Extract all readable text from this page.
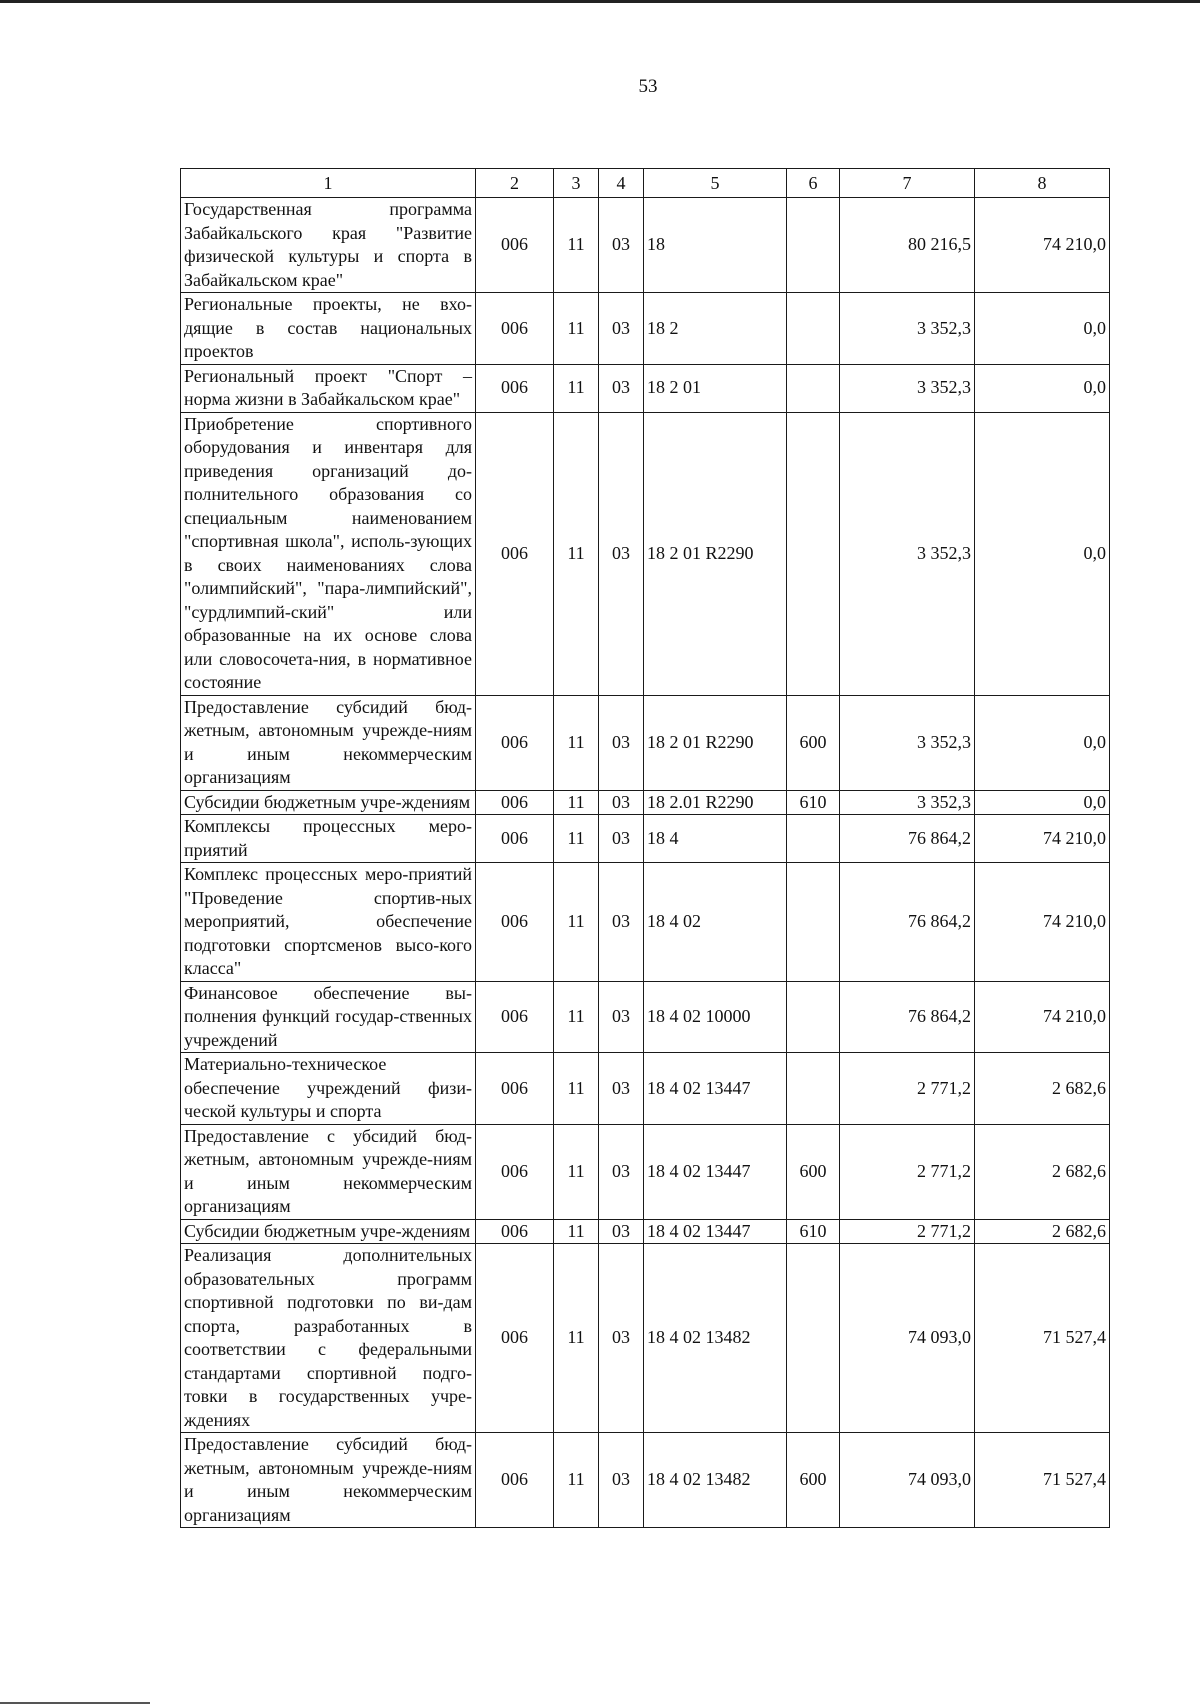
53
1	2	3	4	5	6	7	8
Государственная программа Забайкальского края "Развитие физической культуры и спорта в Забайкальском крае"	006	11	03	18		80 216,5	74 210,0
Региональные проекты, не вхо-дящие в состав национальных проектов	006	11	03	18 2		3 352,3	0,0
Региональный проект "Спорт – норма жизни в Забайкальском крае"	006	11	03	18 2 01		3 352,3	0,0
Приобретение спортивного оборудования и инвентаря для приведения организаций до-полнительного образования со специальным наименованием "спортивная школа", исполь-зующих в своих наименованиях слова "олимпийский", "пара-лимпийский", "сурдлимпий-ский" или образованные на их основе слова или словосочета-ния, в нормативное состояние	006	11	03	18 2 01 R2290		3 352,3	0,0
Предоставление субсидий бюд-жетным, автономным учрежде-ниям и иным некоммерческим организациям	006	11	03	18 2 01 R2290	600	3 352,3	0,0
Субсидии бюджетным учре-ждениям	006	11	03	18 2.01 R2290	610	3 352,3	0,0
Комплексы процессных меро-приятий	006	11	03	18 4		76 864,2	74 210,0
Комплекс процессных меро-приятий "Проведение спортив-ных мероприятий, обеспечение подготовки спортсменов высо-кого класса"	006	11	03	18 4 02		76 864,2	74 210,0
Финансовое обеспечение вы-полнения функций государ-ственных учреждений	006	11	03	18 4 02 10000		76 864,2	74 210,0
Материально-техническое обеспечение учреждений физи-ческой культуры и спорта	006	11	03	18 4 02 13447		2 771,2	2 682,6
Предоставление с убсидий бюд-жетным, автономным учрежде-ниям и иным некоммерческим организациям	006	11	03	18 4 02 13447	600	2 771,2	2 682,6
Субсидии бюджетным учре-ждениям	006	11	03	18 4 02 13447	610	2 771,2	2 682,6
Реализация дополнительных образовательных программ спортивной подготовки по ви-дам спорта, разработанных в соответствии с федеральными стандартами спортивной подго-товки в государственных учре-ждениях	006	11	03	18 4 02 13482		74 093,0	71 527,4
Предоставление субсидий бюд-жетным, автономным учрежде-ниям и иным некоммерческим организациям	006	11	03	18 4 02 13482	600	74 093,0	71 527,4
